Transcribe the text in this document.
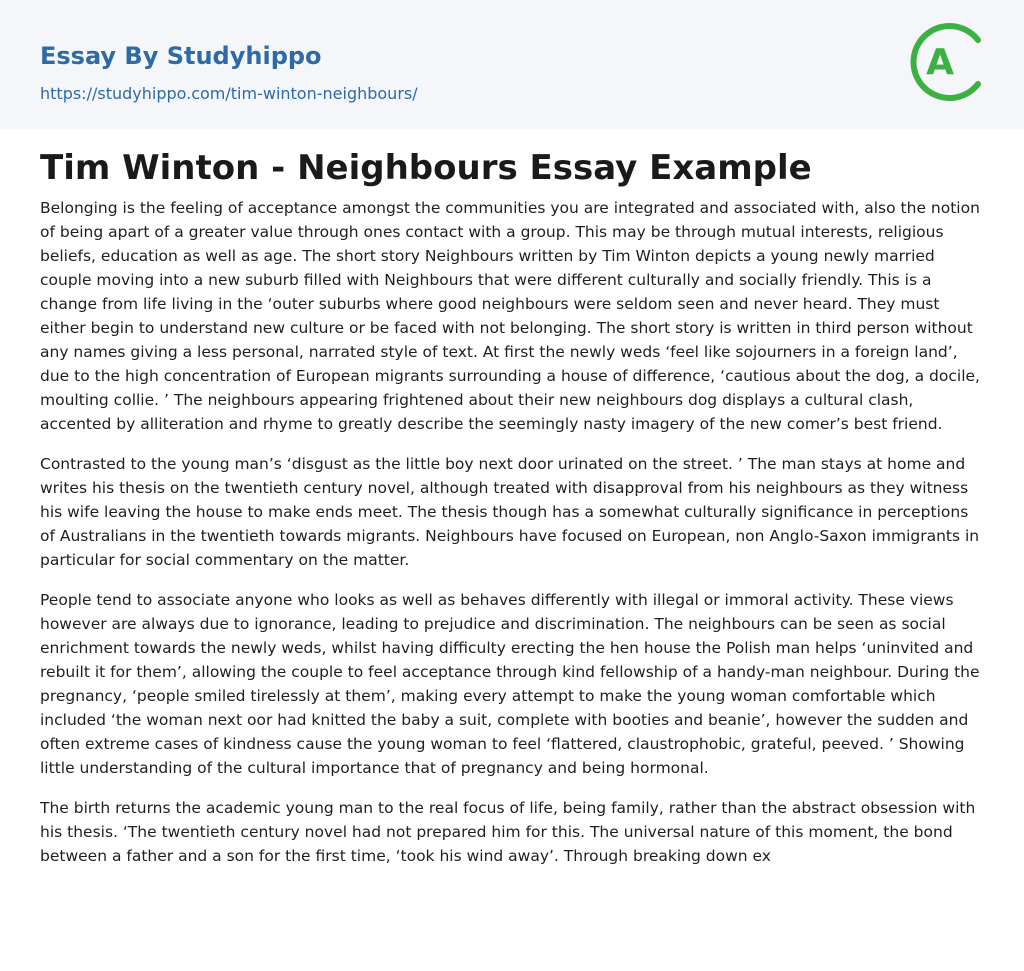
Essay By Studyhippo
https://studyhippo.com/tim-winton-neighbours/
A
Tim Winton - Neighbours Essay Example

Belonging is the feeling of acceptance amongst the communities you are integrated and associated with, also the notion of being apart of a greater value through ones contact with a group. This may be through mutual interests, religious beliefs, education as well as age. The short story Neighbours written by Tim Winton depicts a young newly married couple moving into a new suburb filled with Neighbours that were different culturally and socially friendly. This is a change from life living in the ‘outer suburbs where good neighbours were seldom seen and never heard. They must either begin to understand new culture or be faced with not belonging. The short story is written in third person without any names giving a less personal, narrated style of text. At first the newly weds ‘feel like sojourners in a foreign land’, due to the high concentration of European migrants surrounding a house of difference, ‘cautious about the dog, a docile, moulting collie. ’ The neighbours appearing frightened about their new neighbours dog displays a cultural clash, accented by alliteration and rhyme to greatly describe the seemingly nasty imagery of the new comer’s best friend.

Contrasted to the young man’s ‘disgust as the little boy next door urinated on the street. ’ The man stays at home and writes his thesis on the twentieth century novel, although treated with disapproval from his neighbours as they witness his wife leaving the house to make ends meet. The thesis though has a somewhat culturally significance in perceptions of Australians in the twentieth towards migrants. Neighbours have focused on European, non Anglo-Saxon immigrants in particular for social commentary on the matter.

People tend to associate anyone who looks as well as behaves differently with illegal or immoral activity. These views however are always due to ignorance, leading to prejudice and discrimination. The neighbours can be seen as social enrichment towards the newly weds, whilst having difficulty erecting the hen house the Polish man helps ‘uninvited and rebuilt it for them’, allowing the couple to feel acceptance through kind fellowship of a handy-man neighbour. During the pregnancy, ‘people smiled tirelessly at them’, making every attempt to make the young woman comfortable which included ‘the woman next oor had knitted the baby a suit, complete with booties and beanie’, however the sudden and often extreme cases of kindness cause the young woman to feel ‘flattered, claustrophobic, grateful, peeved. ’ Showing little understanding of the cultural importance that of pregnancy and being hormonal.

The birth returns the academic young man to the real focus of life, being family, rather than the abstract obsession with his thesis. ‘The twentieth century novel had not prepared him for this. The universal nature of this moment, the bond between a father and a son for the first time, ‘took his wind away’. Through breaking down ex
